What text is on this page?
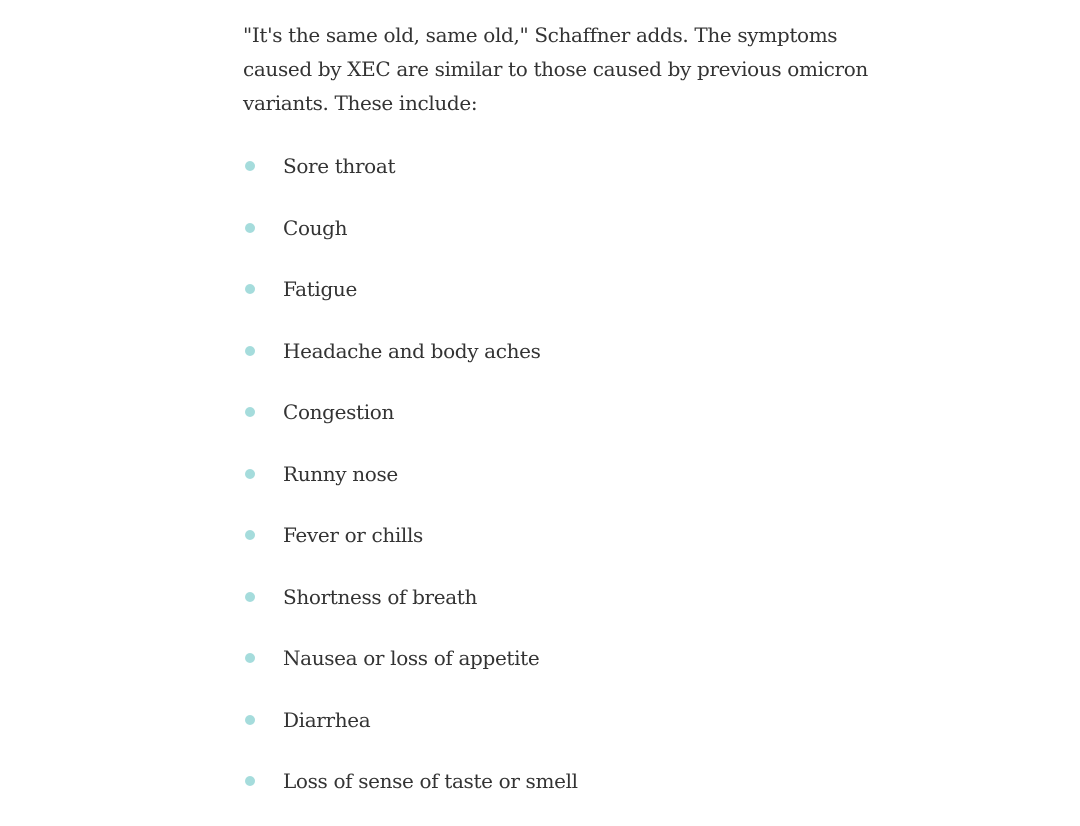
"It's the same old, same old," Schaffner adds. The symptoms caused by XEC are similar to those caused by previous omicron variants. These include:

Sore throat
Cough
Fatigue
Headache and body aches
Congestion
Runny nose
Fever or chills
Shortness of breath
Nausea or loss of appetite
Diarrhea
Loss of sense of taste or smell
